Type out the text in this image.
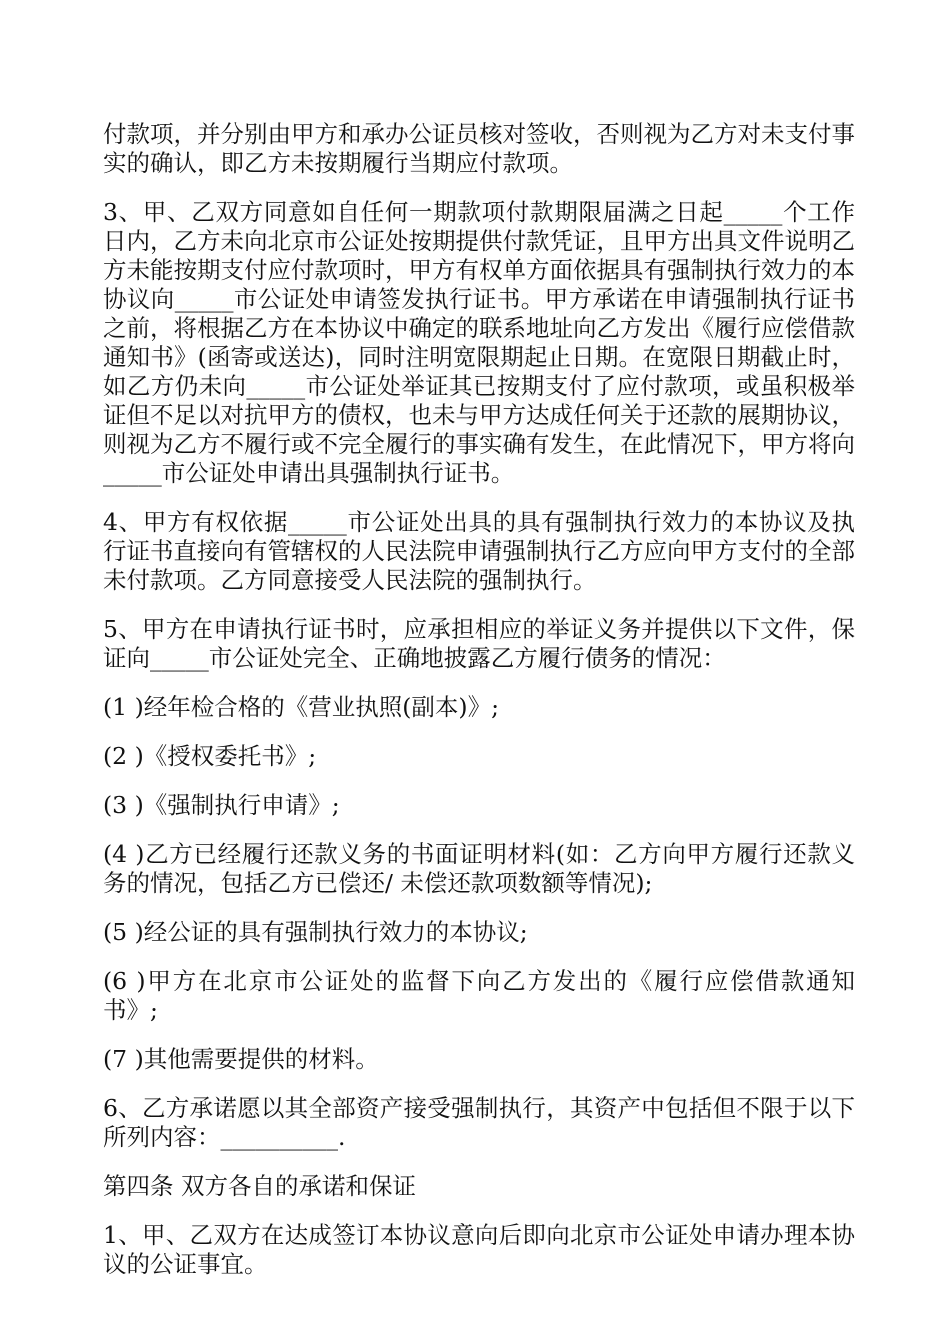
付款项，并分别由甲方和承办公证员核对签收，否则视为乙方对未支付事实的确认，即乙方未按期履行当期应付款项。

3、甲、乙双方同意如自任何一期款项付款期限届满之日起_____个工作日内，乙方未向北京市公证处按期提供付款凭证，且甲方出具文件说明乙方未能按期支付应付款项时，甲方有权单方面依据具有强制执行效力的本协议向_____市公证处申请签发执行证书。甲方承诺在申请强制执行证书之前，将根据乙方在本协议中确定的联系地址向乙方发出《履行应偿借款通知书》(函寄或送达)，同时注明宽限期起止日期。在宽限日期截止时，如乙方仍未向_____市公证处举证其已按期支付了应付款项，或虽积极举证但不足以对抗甲方的债权，也未与甲方达成任何关于还款的展期协议，则视为乙方不履行或不完全履行的事实确有发生，在此情况下，甲方将向_____市公证处申请出具强制执行证书。

4、甲方有权依据_____市公证处出具的具有强制执行效力的本协议及执行证书直接向有管辖权的人民法院申请强制执行乙方应向甲方支付的全部未付款项。乙方同意接受人民法院的强制执行。

5、甲方在申请执行证书时，应承担相应的举证义务并提供以下文件，保证向_____市公证处完全、正确地披露乙方履行债务的情况：

(1 )经年检合格的《营业执照(副本)》;

(2 )《授权委托书》;

(3 )《强制执行申请》;

(4 )乙方已经履行还款义务的书面证明材料(如：乙方向甲方履行还款义务的情况，包括乙方已偿还/ 未偿还款项数额等情况);

(5 )经公证的具有强制执行效力的本协议;

(6 )甲方在北京市公证处的监督下向乙方发出的《履行应偿借款通知书》;

(7 )其他需要提供的材料。

6、乙方承诺愿以其全部资产接受强制执行，其资产中包括但不限于以下所列内容：__________.

第四条 双方各自的承诺和保证

1、甲、乙双方在达成签订本协议意向后即向北京市公证处申请办理本协议的公证事宜。
